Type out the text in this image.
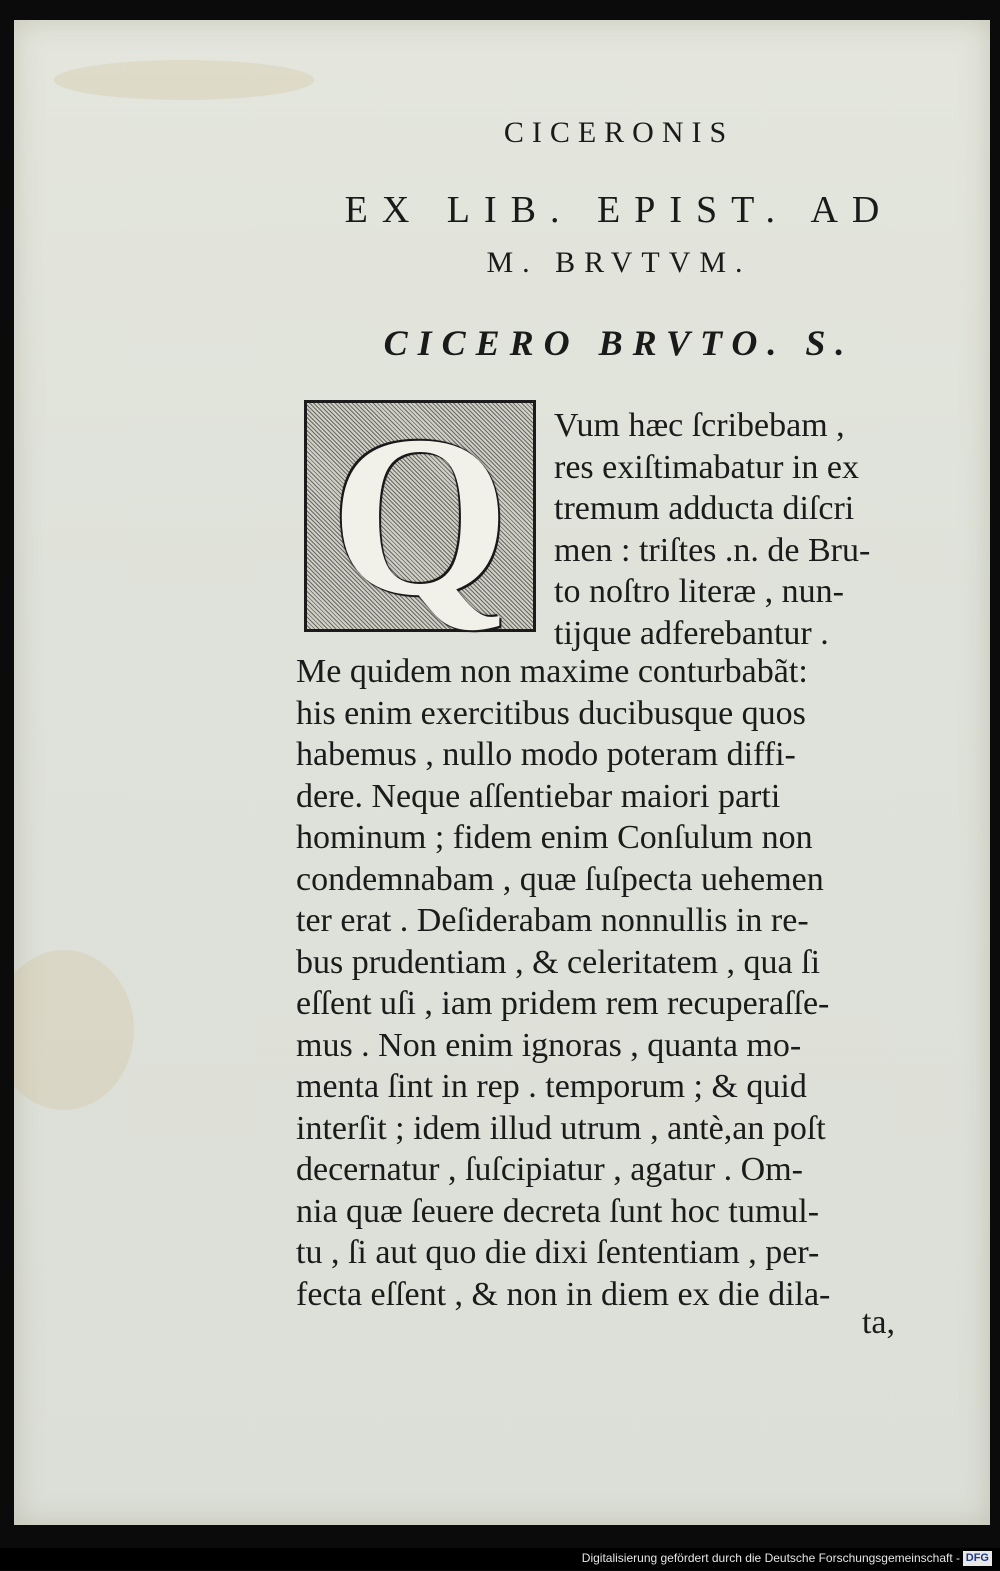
CICERONIS
EX LIB. EPIST. AD
M. BRVTVM.
CICERO BRVTO. S.
Q	Vum hæc ſcribebam ,
res exiſtimabatur in ex
tremum adducta diſcri
men : triſtes .n. de Bru-
to noſtro literæ , nun-
tijque adferebantur .
Me quidem non maxime conturbabãt:
his enim exercitibus ducibusque quos
habemus , nullo modo poteram diffi-
dere. Neque aſſentiebar maiori parti
hominum ; fidem enim Conſulum non
condemnabam , quæ ſuſpecta uehemen
ter erat . Deſiderabam nonnullis in re-
bus prudentiam , & celeritatem , qua ſi
eſſent uſi , iam pridem rem recuperaſſe-
mus . Non enim ignoras , quanta mo-
menta ſint in rep . temporum ; & quid
interſit ; idem illud utrum , antè,an poſt
decernatur , ſuſcipiatur , agatur . Om-
nia quæ ſeuere decreta ſunt hoc tumul-
tu , ſi aut quo die dixi ſententiam , per-
fecta eſſent , & non in diem ex die dila-
ta,
Digitalisierung gefördert durch die Deutsche Forschungsgemeinschaft - DFG
